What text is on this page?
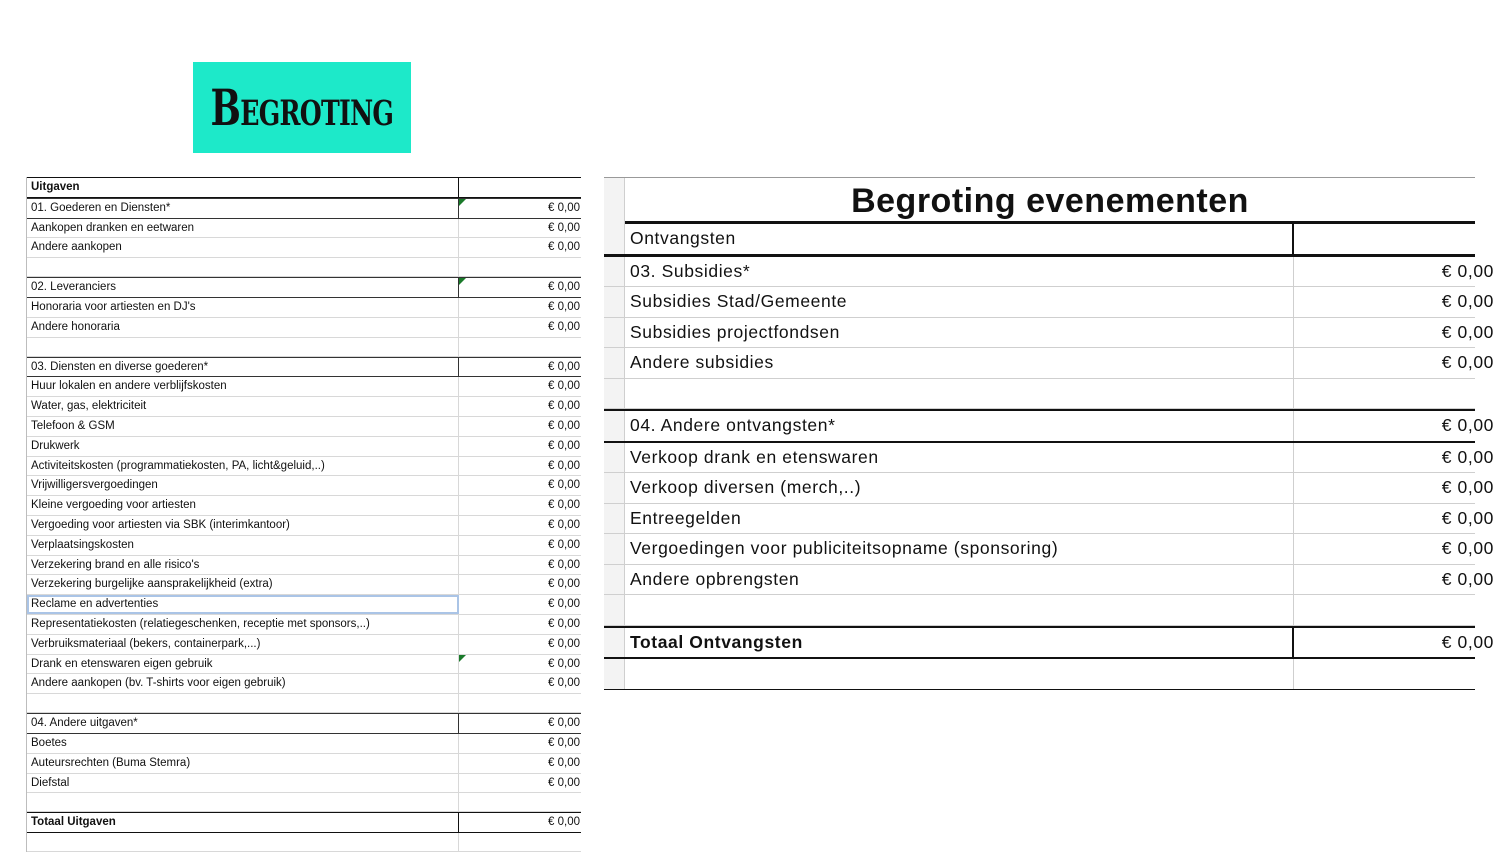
Begroting
Uitgaven
01. Goederen en Diensten*	€ 0,00
Aankopen dranken en eetwaren	€ 0,00
Andere aankopen	€ 0,00
02. Leveranciers	€ 0,00
Honoraria voor artiesten en DJ's	€ 0,00
Andere honoraria	€ 0,00
03. Diensten en diverse goederen*	€ 0,00
Huur lokalen en andere verblijfskosten	€ 0,00
Water, gas, elektriciteit	€ 0,00
Telefoon & GSM	€ 0,00
Drukwerk	€ 0,00
Activiteitskosten (programmatiekosten, PA, licht&geluid,..)	€ 0,00
Vrijwilligersvergoedingen	€ 0,00
Kleine vergoeding voor artiesten	€ 0,00
Vergoeding voor artiesten via SBK (interimkantoor)	€ 0,00
Verplaatsingskosten	€ 0,00
Verzekering brand en alle risico's	€ 0,00
Verzekering burgelijke aansprakelijkheid (extra)	€ 0,00
Reclame en advertenties	€ 0,00
Representatiekosten (relatiegeschenken, receptie met sponsors,..)	€ 0,00
Verbruiksmateriaal (bekers, containerpark,...)	€ 0,00
Drank en etenswaren eigen gebruik	€ 0,00
Andere aankopen (bv. T-shirts voor eigen gebruik)	€ 0,00
04. Andere uitgaven*	€ 0,00
Boetes	€ 0,00
Auteursrechten (Buma Stemra)	€ 0,00
Diefstal	€ 0,00
Totaal Uitgaven	€ 0,00
Begroting evenementen
Ontvangsten
03. Subsidies*	€ 0,00
Subsidies Stad/Gemeente	€ 0,00
Subsidies projectfondsen	€ 0,00
Andere subsidies	€ 0,00
04. Andere ontvangsten*	€ 0,00
Verkoop drank en etenswaren	€ 0,00
Verkoop diversen (merch,..)	€ 0,00
Entreegelden	€ 0,00
Vergoedingen voor publiciteitsopname (sponsoring)	€ 0,00
Andere opbrengsten	€ 0,00
Totaal Ontvangsten	€ 0,00
